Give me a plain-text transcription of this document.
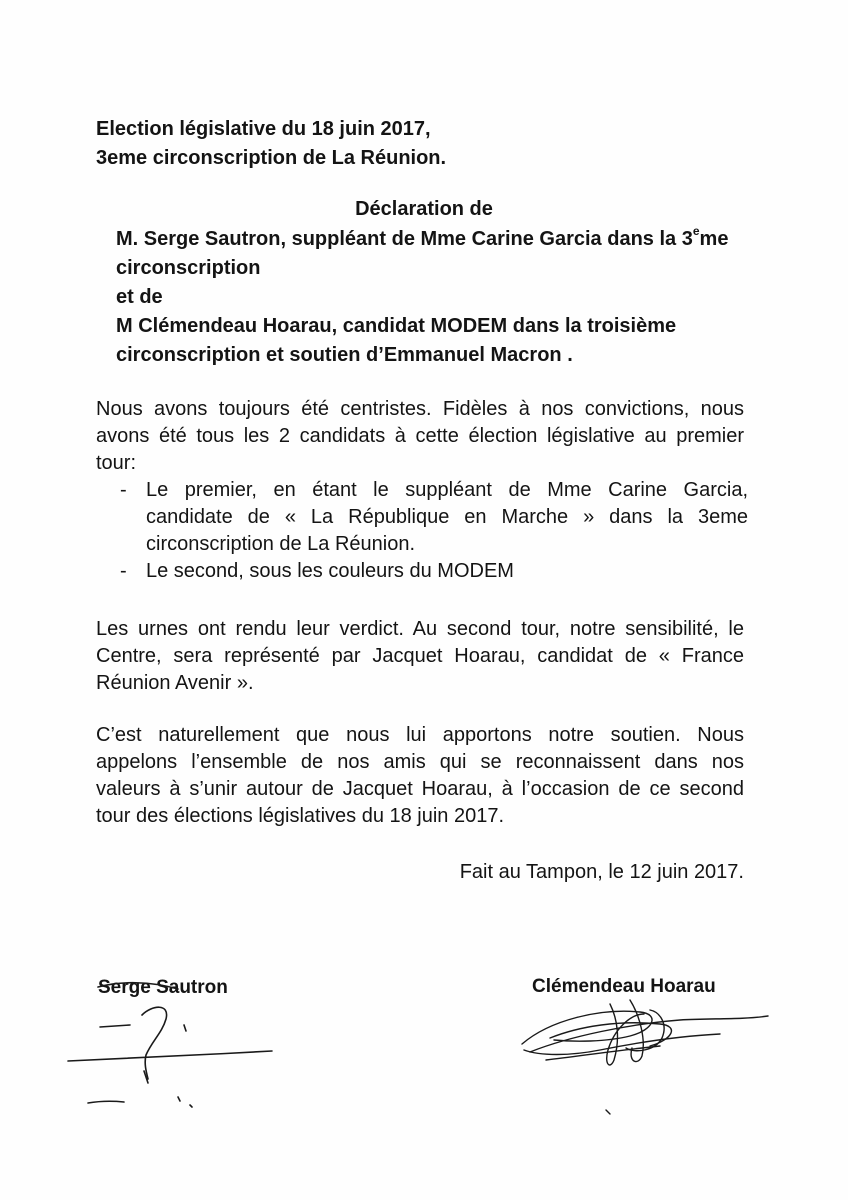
Election législative du 18 juin 2017,
3eme circonscription de La Réunion.
Déclaration de
M. Serge Sautron, suppléant de Mme Carine Garcia dans la 3eme
circonscription
et de
M Clémendeau Hoarau, candidat MODEM dans la troisième
circonscription et soutien d’Emmanuel Macron .
Nous avons toujours été centristes. Fidèles à nos convictions, nous
avons été tous les 2 candidats à cette élection législative au premier
tour:
- Le premier, en étant le suppléant de Mme Carine Garcia,
candidate de « La République en Marche » dans la 3eme
circonscription de La Réunion.
- Le second, sous les couleurs du MODEM
Les urnes ont rendu leur verdict. Au second tour, notre sensibilité, le
Centre, sera représenté par Jacquet Hoarau, candidat de « France
Réunion Avenir ».
C’est naturellement que nous lui apportons notre soutien. Nous
appelons l’ensemble de nos amis qui se reconnaissent dans nos
valeurs à s’unir autour de Jacquet Hoarau, à l’occasion de ce second
tour des élections législatives du 18 juin 2017.
Fait au Tampon, le 12 juin 2017.
Serge Sautron	Clémendeau Hoarau
